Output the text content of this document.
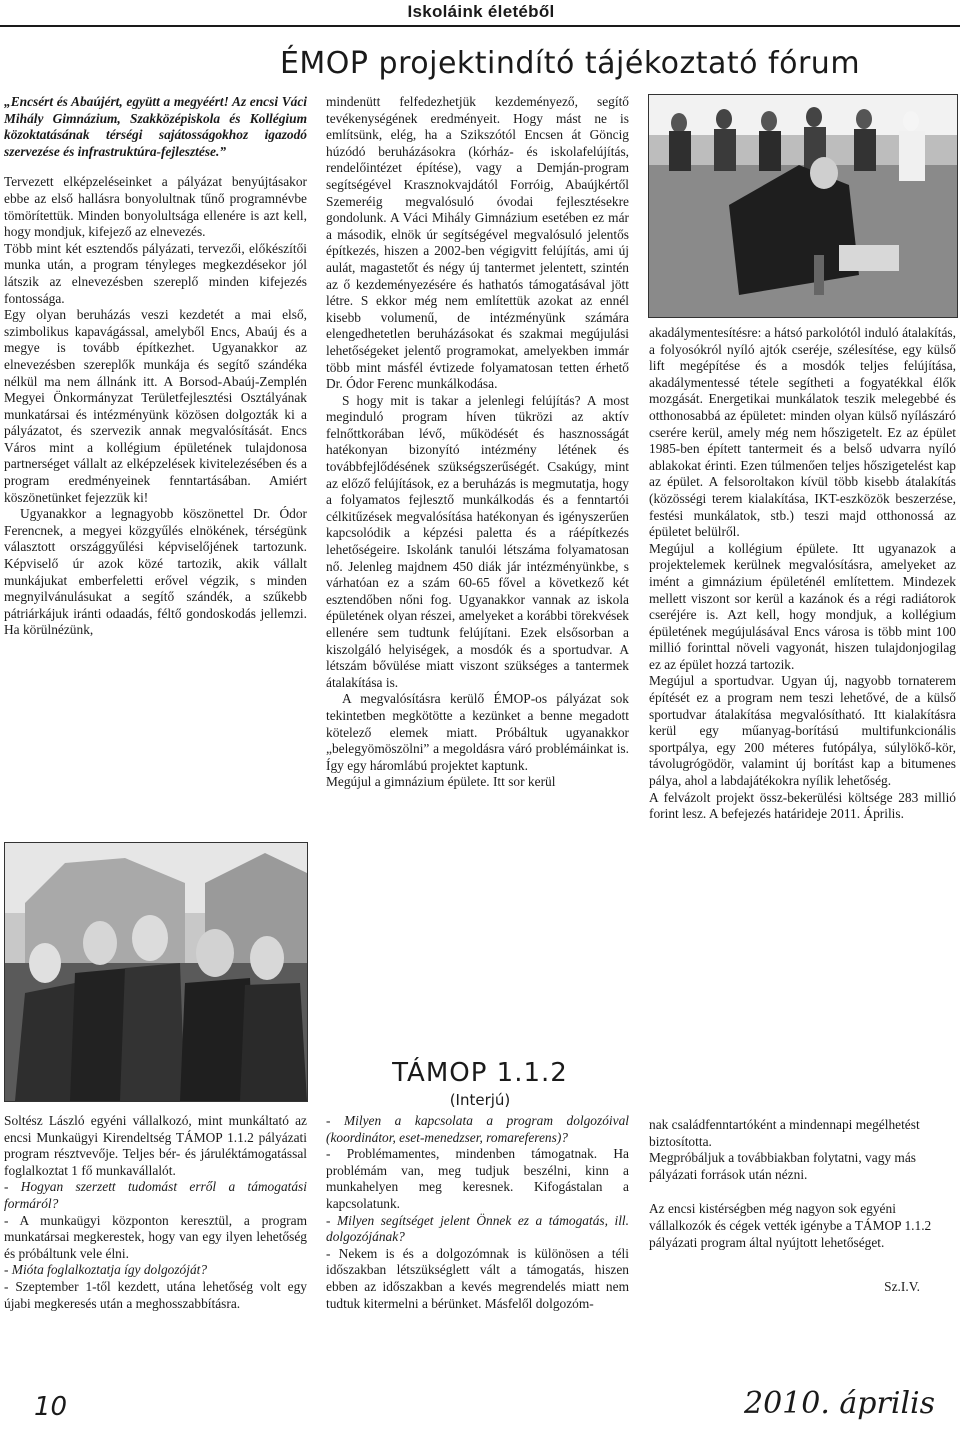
Iskoláink életéből
ÉMOP projektindító tájékoztató fórum

„Encsért és Abaújért, együtt a megyéért! Az encsi Váci Mihály Gimnázium, Szakközépiskola és Kollégium közoktatásának térségi sajátosságokhoz igazodó szervezése és infrastruktúra-fejlesztése.”

Tervezett elképzeléseinket a pályázat benyújtásakor ebbe az első hallásra bonyolultnak tűnő programnévbe tömörítettük. Minden bonyolultsága ellenére is azt kell, hogy mondjuk, kifejező az elnevezés.

Több mint két esztendős pályázati, tervezői, előkészítői munka után, a program tényleges megkezdésekor jól látszik az elnevezésben szereplő minden kifejezés fontossága.

Egy olyan beruházás veszi kezdetét a mai első, szimbolikus kapavágással, amelyből Encs, Abaúj és a megye is tovább építkezhet. Ugyanakkor az elnevezésben szereplők munkája és segítő szándéka nélkül ma nem állnánk itt. A Borsod-Abaúj-Zemplén Megyei Önkormányzat Területfejlesztési Osztályának munkatársai és intézményünk közösen dolgozták ki a pályázatot, és szervezik annak megvalósítását. Encs Város mint a kollégium épületének tulajdonosa partnerséget vállalt az elképzelések kivitelezésében és a program eredményeinek fenntartásában. Amiért köszönetünket fejezzük ki!

Ugyanakkor a legnagyobb köszönettel Dr. Ódor Ferencnek, a megyei közgyűlés elnökének, térségünk választott országgyűlési képviselőjének tartozunk. Képviselő úr azok közé tartozik, akik vállalt munkájukat emberfeletti erővel végzik, s minden megnyilvánulásukat a segítő szándék, a szűkebb pátriárkájuk iránti odaadás, féltő gondoskodás jellemzi. Ha körülnézünk,

Soltész László egyéni vállalkozó, mint munkáltató az encsi Munkaügyi Kirendeltség TÁMOP 1.1.2 pályázati program résztvevője. Teljes bér- és járuléktámogatással foglalkoztat 1 fő munkavállalót.

- Hogyan szerzett tudomást erről a támogatási formáról?

- A munkaügyi központon keresztül, a program munkatársai megkerestek, hogy van egy ilyen lehetőség és próbáltunk vele élni.

- Mióta foglalkoztatja így dolgozóját?

- Szeptember 1-től kezdett, utána lehetőség volt egy újabi megkeresés után a meghosszabbításra.

mindenütt felfedezhetjük kezdeményező, segítő tevékenységének eredményeit. Hogy mást ne is említsünk, elég, ha a Szikszótól Encsen át Göncig húzódó beruházásokra (kórház- és iskolafelújítás, rendelőintézet építése), vagy a Demján-program segítségével Krasznokvajdától Forróig, Abaújkértől Szemeréig megvalósuló óvodai fejlesztésekre gondolunk. A Váci Mihály Gimnázium esetében ez már a második, elnök úr segítségével megvalósuló jelentős építkezés, hiszen a 2002-ben végigvitt felújítás, ami új aulát, magastetőt és négy új tantermet jelentett, szintén az ő kezdeményezésére és hathatós támogatásával jött létre. S ekkor még nem említettük azokat az ennél kisebb volumenű, de intézményünk számára elengedhetetlen beruházásokat és szakmai megújulási lehetőségeket jelentő programokat, amelyekben immár több mint másfél évtizede folyamatosan tetten érhető Dr. Ódor Ferenc munkálkodása.

S hogy mit is takar a jelenlegi felújítás? A most meginduló program híven tükrözi az aktív felnőttkorában lévő, működését és hasznosságát hatékonyan bizonyító intézmény létének és továbbfejlődésének szükségszerűségét. Csakúgy, mint az előző felújítások, ez a beruházás is megmutatja, hogy a folyamatos fejlesztő munkálkodás és a fenntartói célkitűzések megvalósítása hatékonyan és igényszerűen kapcsolódik a képzési paletta és a ráépítkezés lehetőségeire. Iskolánk tanulói létszáma folyamatosan nő. Jelenleg majdnem 450 diák jár intézményünkbe, s várhatóan ez a szám 60-65 fővel a következő két esztendőben nőni fog. Ugyanakkor vannak az iskola épületének olyan részei, amelyeket a korábbi törekvések ellenére sem tudtunk felújítani. Ezek elsősorban a kiszolgáló helyiségek, a mosdók és a sportudvar. A létszám bővülése miatt viszont szükséges a tantermek átalakítása is.

A megvalósításra kerülő ÉMOP-os pályázat sok tekintetben megkötötte a kezünket a benne megadott kötelező elemek miatt. Próbáltuk ugyanakkor „belegyömöszölni” a megoldásra váró problémáinkat is. Így egy háromlábú projektet kaptunk.

Megújul a gimnázium épülete. Itt sor kerül

akadálymentesítésre: a hátsó parkolótól induló átalakítás, a folyosókról nyíló ajtók cseréje, szélesítése, egy külső lift megépítése és a mosdók teljes felújítása, akadálymentessé tétele segítheti a fogyatékkal élők mozgását. Energetikai munkálatok teszik melegebbé és otthonosabbá az épületet: minden olyan külső nyílászáró cserére kerül, amely még nem hőszigetelt. Ez az épület 1985-ben épített tantermeit és a belső udvarra nyíló ablakokat érinti. Ezen túlmenően teljes hőszigetelést kap az épület. A felsoroltakon kívül több kisebb átalakítás (közösségi terem kialakítása, IKT-eszközök beszerzése, festési munkálatok, stb.) teszi majd otthonossá az épületet belülről.

Megújul a kollégium épülete. Itt ugyanazok a projektelemek kerülnek megvalósításra, amelyeket az imént a gimnázium épületénél említettem. Mindezek mellett viszont sor kerül a kazánok és a régi radiátorok cseréjére is. Azt kell, hogy mondjuk, a kollégium épületének megújulásával Encs városa is több mint 100 millió forinttal növeli vagyonát, hiszen tulajdonjogilag ez az épület hozzá tartozik.

Megújul a sportudvar. Ugyan új, nagyobb tornaterem építését ez a program nem teszi lehetővé, de a külső sportudvar átalakítása megvalósítható. Itt kialakításra kerül egy műanyag-borítású multifunkcionális sportpálya, egy 200 méteres futópálya, súlylökő-kör, távolugrógödör, valamint új borítást kap a bitumenes pálya, ahol a labdajátékokra nyílik lehetőség.

A felvázolt projekt össz-bekerülési költsége 283 millió forint lesz. A befejezés határideje 2011. Április.

TÁMOP 1.1.2
(Interjú)

- Milyen a kapcsolata a program dolgozóival (koordinátor, eset-menedzser, romareferens)?

- Problémamentes, mindenben támogatnak. Ha problémám van, meg tudjuk beszélni, kinn a munkahelyen meg keresnek. Kifogástalan a kapcsolatunk.

- Milyen segítséget jelent Önnek ez a támogatás, ill. dolgozójának?

- Nekem is és a dolgozómnak is különösen a téli időszakban létszükséglett vált a támogatás, hiszen ebben az időszakban a kevés megrendelés miatt nem tudtuk kitermelni a bérünket. Másfelől dolgozóm-

nak családfenntartóként a mindennapi megélhetést biztosította.

Megpróbáljuk a továbbiakban folytatni, vagy más pályázati források után nézni.

Az encsi kistérségben még nagyon sok egyéni vállalkozók és cégek vették igénybe a TÁMOP 1.1.2 pályázati program által nyújtott lehetőséget.

Sz.I.V.

10	2010. április
